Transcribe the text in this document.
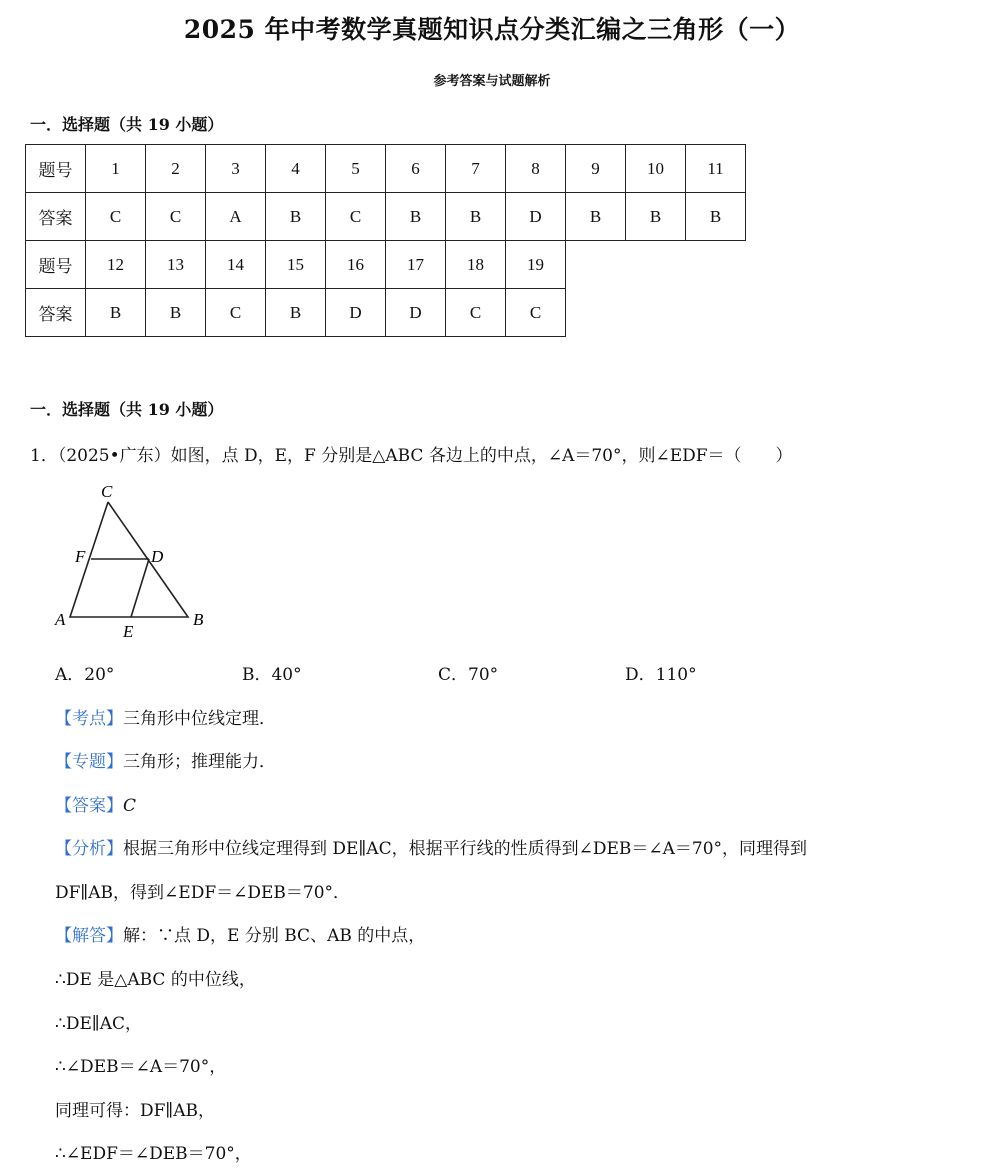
2025 年中考数学真题知识点分类汇编之三角形（一）
参考答案与试题解析
一．选择题（共 19 小题）
题号	1	2	3	4	5	6	7	8	9	10	11
答案	C	C	A	B	C	B	B	D	B	B	B
题号	12	13	14	15	16	17	18	19			
答案	B	B	C	B	D	D	C	C			
一．选择题（共 19 小题）
1．（2025•广东）如图，点 D，E，F 分别是△ABC 各边上的中点，∠A＝70°，则∠EDF＝（　　）
C
F	D
A
E
B
A．20°	B．40°	C．70°	D．110°
【考点】三角形中位线定理．
【专题】三角形；推理能力．
【答案】C
【分析】根据三角形中位线定理得到 DE∥AC，根据平行线的性质得到∠DEB＝∠A＝70°，同理得到
DF∥AB，得到∠EDF＝∠DEB＝70°．
【解答】解：∵点 D，E 分别 BC、AB 的中点，
∴DE 是△ABC 的中位线，
∴DE∥AC，
∴∠DEB＝∠A＝70°，
同理可得：DF∥AB，
∴∠EDF＝∠DEB＝70°，
